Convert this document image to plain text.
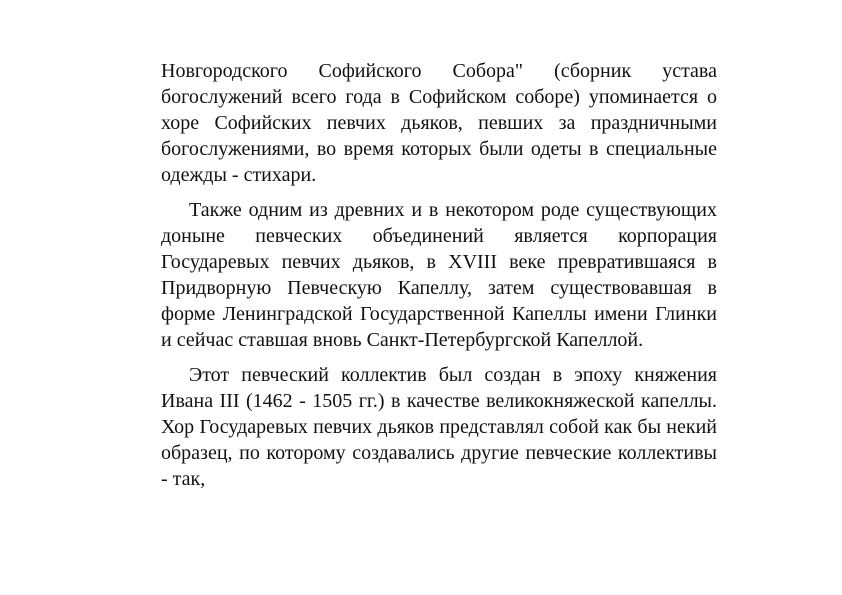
Новгородского Софийского Собора" (сборник устава богослужений всего года в Софийском соборе) упоминается о хоре Софийских певчих дьяков, певших за праздничными богослужениями, во время которых были одеты в специальные одежды - стихари.

Также одним из древних и в некотором роде существующих доныне певческих объединений является корпорация Государевых певчих дьяков, в XVIII веке превратившаяся в Придворную Певческую Капеллу, затем существовавшая в форме Ленинградской Государственной Капеллы имени Глинки и сейчас ставшая вновь Санкт-Петербургской Капеллой.

Этот певческий коллектив был создан в эпоху княжения Ивана III (1462 - 1505 гг.) в качестве великокняжеской капеллы. Хор Государевых певчих дьяков представлял собой как бы некий образец, по которому создавались другие певческие коллективы - так,
